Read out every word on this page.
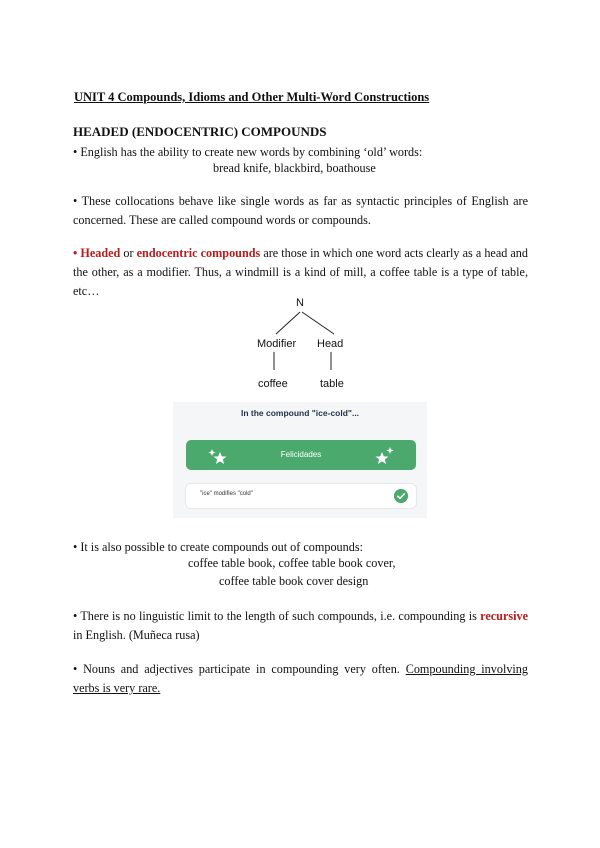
UNIT 4 Compounds, Idioms and Other Multi-Word Constructions
HEADED (ENDOCENTRIC) COMPOUNDS
• English has the ability to create new words by combining ‘old’ words:
bread knife, blackbird, boathouse
• These collocations behave like single words as far as syntactic principles of English are concerned. These are called compound words or compounds.
• Headed or endocentric compounds are those in which one word acts clearly as a head and the other, as a modifier. Thus, a windmill is a kind of mill, a coffee table is a type of table, etc…
N
Modifier Head
coffee	table
In the compound "ice-cold"...
Felicidades
"ice" modifies "cold"
• It is also possible to create compounds out of compounds:
coffee table book, coffee table book cover,
coffee table book cover design
• There is no linguistic limit to the length of such compounds, i.e. compounding is recursive in English. (Muñeca rusa)
• Nouns and adjectives participate in compounding very often. Compounding involving verbs is very rare.
